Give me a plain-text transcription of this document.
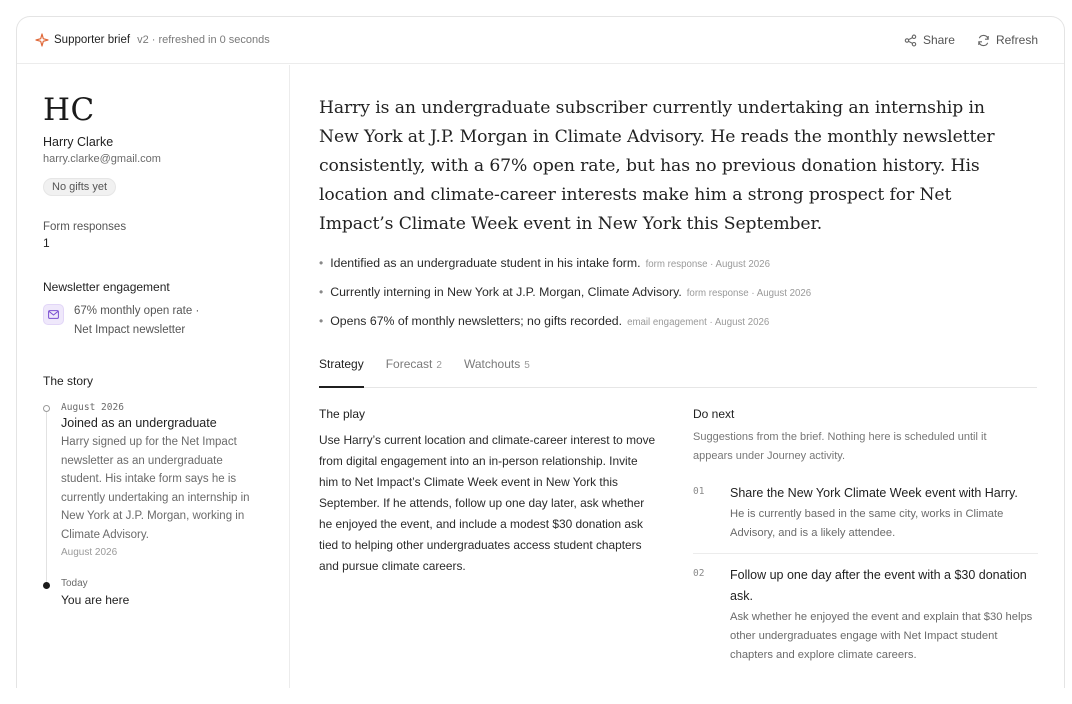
Supporter brief v2 · refreshed in 0 seconds	Share	Refresh
HC
Harry Clarke
harry.clarke@gmail.com
No gifts yet
Form responses
1
Newsletter engagement
67% monthly open rate ·
Net Impact newsletter
The story
August 2026
Joined as an undergraduate
Harry signed up for the Net Impact newsletter as an undergraduate student. His intake form says he is currently undertaking an internship in New York at J.P. Morgan, working in Climate Advisory.
August 2026
Today
You are here

Harry is an undergraduate subscriber currently undertaking an internship in New York at J.P. Morgan in Climate Advisory. He reads the monthly newsletter consistently, with a 67% open rate, but has no previous donation history. His location and climate-career interests make him a strong prospect for Net Impact’s Climate Week event in New York this September.

• Identified as an undergraduate student in his intake form. form response · August 2026
• Currently interning in New York at J.P. Morgan, Climate Advisory. form response · August 2026
• Opens 67% of monthly newsletters; no gifts recorded. email engagement · August 2026
Strategy Forecast 2 Watchouts 5
The play

Use Harry’s current location and climate-career interest to move from digital engagement into an in-person relationship. Invite him to Net Impact’s Climate Week event in New York this September. If he attends, follow up one day later, ask whether he enjoyed the event, and include a modest $30 donation ask tied to helping other undergraduates access student chapters and pursue climate careers.

Do next

Suggestions from the brief. Nothing here is scheduled until it appears under Journey activity.

01	Share the New York Climate Week event with Harry.
He is currently based in the same city, works in Climate Advisory, and is a likely attendee.
02	Follow up one day after the event with a $30 donation ask.
Ask whether he enjoyed the event and explain that $30 helps other undergraduates engage with Net Impact student chapters and explore climate careers.
